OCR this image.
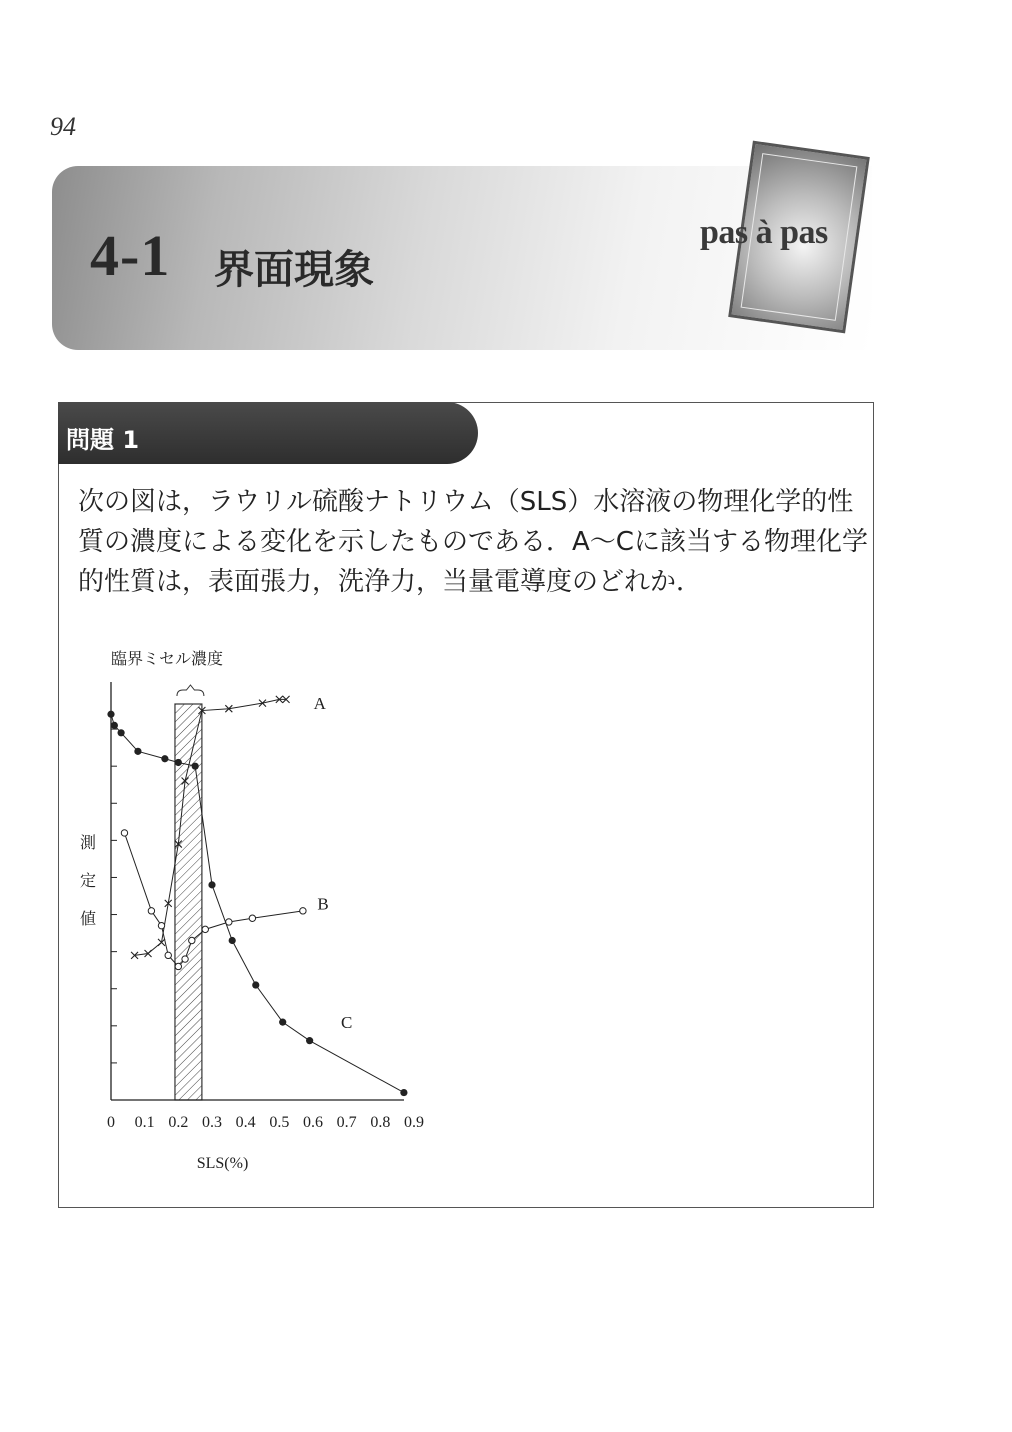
94
4-1 界面現象
pas à pas
問題 1
次の図は，ラウリル硫酸ナトリウム（SLS）水溶液の物理化学的性質の濃度による変化を示したものである．A～Cに該当する物理化学的性質は，表面張力，洗浄力，当量電導度のどれか．
臨界ミセル濃度
0 0.1 0.2 0.3 0.4 0.5 0.6 0.7 0.8 0.9
SLS(%)
測
定
値
A
B
C
